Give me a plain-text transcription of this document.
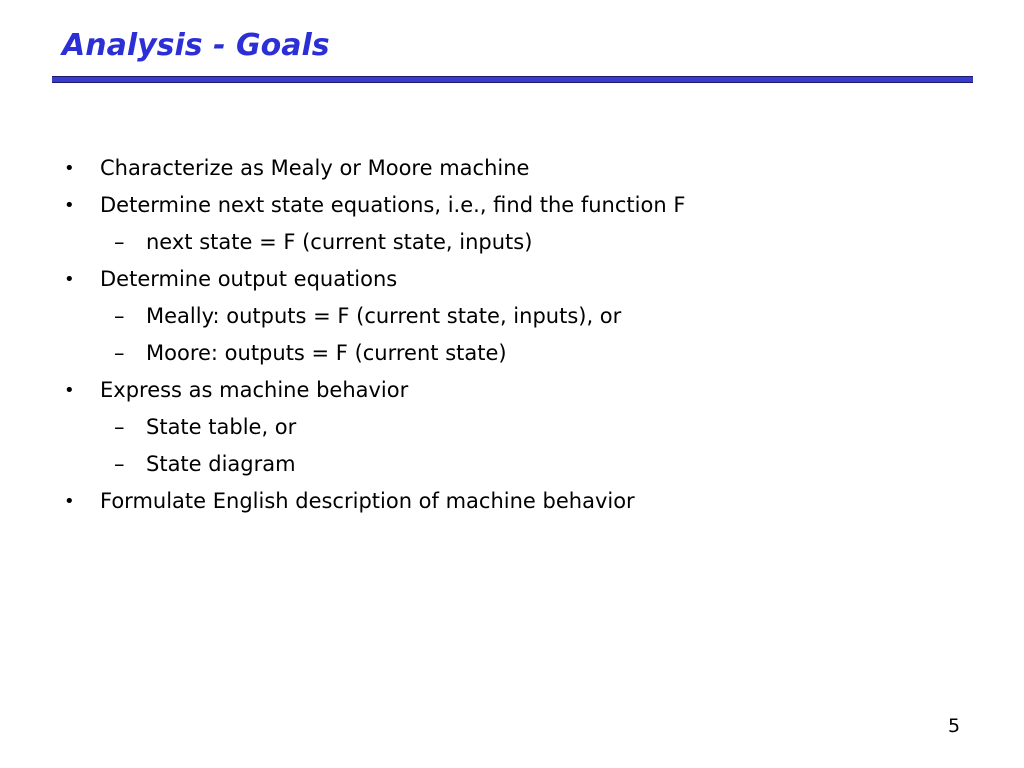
Analysis - Goals
• Characterize as Mealy or Moore machine
• Determine next state equations, i.e., find the function F
– next state = F (current state, inputs)
• Determine output equations
– Meally: outputs = F (current state, inputs), or
– Moore: outputs = F (current state)
• Express as machine behavior
– State table, or
– State diagram
• Formulate English description of machine behavior
5
